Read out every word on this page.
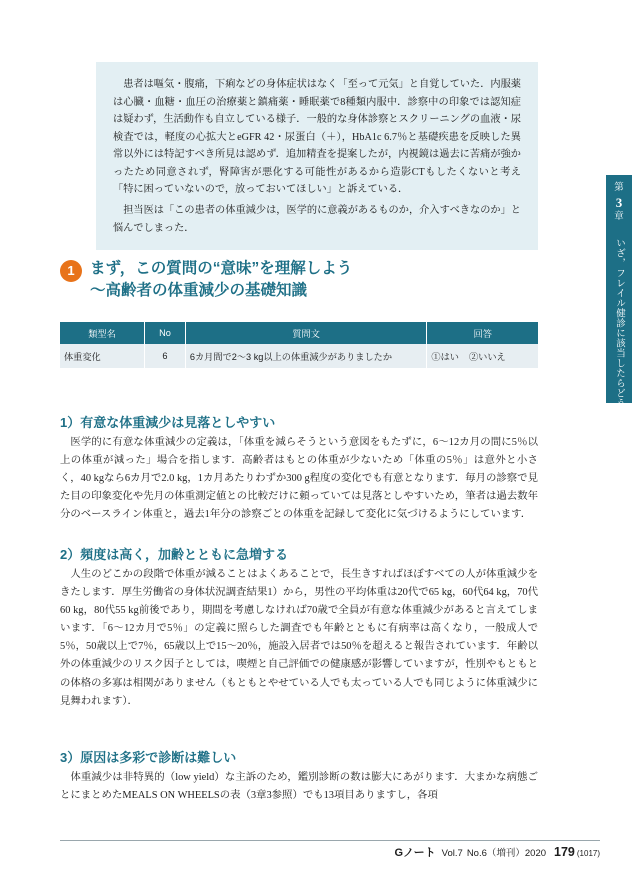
患者は嘔気・腹痛，下痢などの身体症状はなく「至って元気」と自覚していた．内服薬は心臓・血糖・血圧の治療薬と鎮痛薬・睡眠薬で8種類内服中．診察中の印象では認知症は疑わず，生活動作も自立している様子．一般的な身体診察とスクリーニングの血液・尿検査では，軽度の心拡大とeGFR 42・尿蛋白（＋），HbA1c 6.7％と基礎疾患を反映した異常以外には特記すべき所見は認めず．追加精査を提案したが，内視鏡は過去に苦痛が強かったため同意されず，腎障害が悪化する可能性があるから造影CTもしたくないと考え「特に困っていないので，放っておいてほしい」と訴えている．

担当医は「この患者の体重減少は，医学的に意義があるものか，介入すべきなのか」と悩んでしまった．

第
3
章
いざ，フレイル健診に該当したらどうするか
1 まず，この質問の“意味”を理解しよう
〜高齢者の体重減少の基礎知識
類型名	No	質問文	回答
体重変化	6	6カ月間で2〜3 kg以上の体重減少がありましたか	①はい ②いいえ
1）有意な体重減少は見落としやすい

医学的に有意な体重減少の定義は，「体重を減らそうという意図をもたずに，6〜12カ月の間に5％以上の体重が減った」場合を指します．高齢者はもとの体重が少ないため「体重の5％」は意外と小さく，40 kgなら6カ月で2.0 kg，1カ月あたりわずか300 g程度の変化でも有意となります．毎月の診察で見た目の印象変化や先月の体重測定値との比較だけに頼っていては見落としやすいため，筆者は過去数年分のベースライン体重と，過去1年分の診察ごとの体重を記録して変化に気づけるようにしています．

2）頻度は高く，加齢とともに急増する

人生のどこかの段階で体重が減ることはよくあることで，長生きすればほぼすべての人が体重減少をきたします．厚生労働省の身体状況調査結果1）から，男性の平均体重は20代で65 kg，60代64 kg，70代60 kg，80代55 kg前後であり，期間を考慮しなければ70歳で全員が有意な体重減少があると言えてしまいます．「6〜12カ月で5％」の定義に照らした調査でも年齢とともに有病率は高くなり，一般成人で5％，50歳以上で7％，65歳以上で15〜20％，施設入居者では50％を超えると報告されています．年齢以外の体重減少のリスク因子としては，喫煙と自己評価での健康感が影響していますが，性別やもともとの体格の多寡は相関がありません（もともとやせている人でも太っている人でも同じように体重減少に見舞われます）．

3）原因は多彩で診断は難しい

体重減少は非特異的（low yield）な主訴のため，鑑別診断の数は膨大にあがります．大まかな病態ごとにまとめたMEALS ON WHEELSの表（3章3参照）でも13項目ありますし，各項

Gノート Vol.7 No.6（増刊）2020 179 (1017)
